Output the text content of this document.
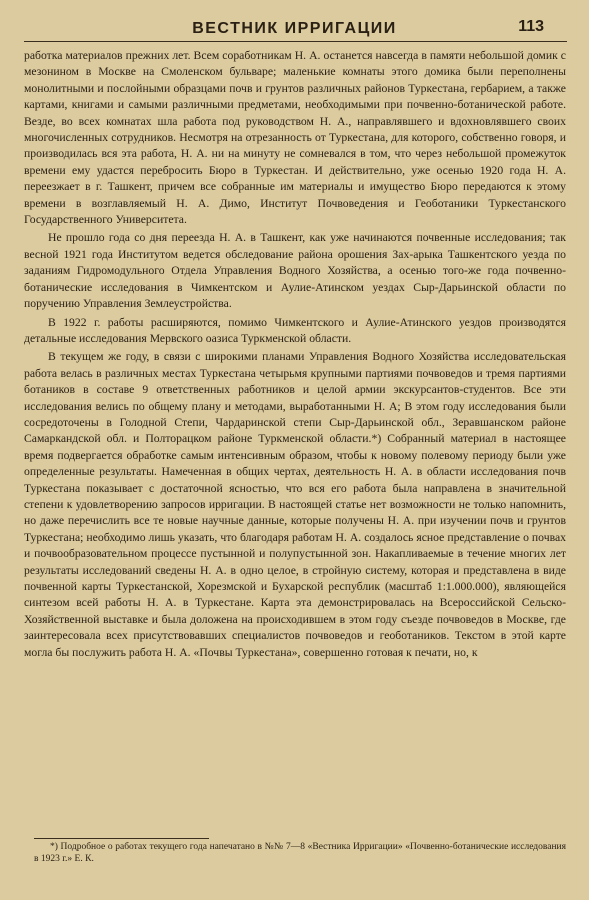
ВЕСТНИК ИРРИГАЦИИ	113

работка материалов прежних лет. Всем соработникам Н. А. останется навсегда в памяти небольшой домик с мезонином в Москве на Смоленском бульваре; маленькие комнаты этого домика были переполнены монолитными и послойными образцами почв и грунтов различных районов Туркестана, гербарием, а также картами, книгами и самыми различными предметами, необходимыми при почвенно-ботанической работе. Везде, во всех комнатах шла работа под руководством Н. А., направлявшего и вдохновлявшего своих многочисленных сотрудников. Несмотря на отрезанность от Туркестана, для которого, собственно говоря, и производилась вся эта работа, Н. А. ни на минуту не сомневался в том, что через небольшой промежуток времени ему удастся перебросить Бюро в Туркестан. И действительно, уже осенью 1920 года Н. А. переезжает в г. Ташкент, причем все собранные им материалы и имущество Бюро передаются к этому времени в возглавляемый Н. А. Димо, Институт Почвоведения и Геоботаники Туркестанского Государственного Университета.

Не прошло года со дня переезда Н. А. в Ташкент, как уже начинаются почвенные исследования; так весной 1921 года Институтом ведется обследование района орошения Зах-арыка Ташкентского уезда по заданиям Гидромодульного Отдела Управления Водного Хозяйства, а осенью того-же года почвенно-ботанические исследования в Чимкентском и Аулие-Атинском уездах Сыр-Дарьинской области по поручению Управления Землеустройства.

В 1922 г. работы расширяются, помимо Чимкентского и Аулие-Атинского уездов производятся детальные исследования Мервского оазиса Туркменской области.

В текущем же году, в связи с широкими планами Управления Водного Хозяйства исследовательская работа велась в различных местах Туркестана четырьмя крупными партиями почвоведов и тремя партиями ботаников в составе 9 ответственных работников и целой армии экскурсантов-студентов. Все эти исследования велись по общему плану и методами, выработанными Н. А; В этом году исследования были сосредоточены в Голодной Степи, Чардаринской степи Сыр-Дарьинской обл., Зеравшанском районе Самаркандской обл. и Полторацком районе Туркменской области.*) Собранный материал в настоящее время подвергается обработке самым интенсивным образом, чтобы к новому полевому периоду были уже определенные результаты. Намеченная в общих чертах, деятельность Н. А. в области исследования почв Туркестана показывает с достаточной ясностью, что вся его работа была направлена в значительной степени к удовлетворению запросов ирригации. В настоящей статье нет возможности не только напомнить, но даже перечислить все те новые научные данные, которые получены Н. А. при изучении почв и грунтов Туркестана; необходимо лишь указать, что благодаря работам Н. А. создалось ясное представление о почвах и почвообразовательном процессе пустынной и полупустынной зон. Накапливаемые в течение многих лет результаты исследований сведены Н. А. в одно целое, в стройную систему, которая и представлена в виде почвенной карты Туркестанской, Хорезмской и Бухарской республик (масштаб 1:1.000.000), являющейся синтезом всей работы Н. А. в Туркестане. Карта эта демонстрировалась на Всероссийской Сельско-Хозяйственной выставке и была доложена на происходившем в этом году съезде почвоведов в Москве, где заинтересовала всех присутствовавших специалистов почвоведов и геоботаников. Текстом в этой карте могла бы послужить работа Н. А. «Почвы Туркестана», совершенно готовая к печати, но, к

*) Подробное о работах текущего года напечатано в №№ 7—8 «Вестника Ирригации» «Почвенно-ботанические исследования в 1923 г.» Е. К.
